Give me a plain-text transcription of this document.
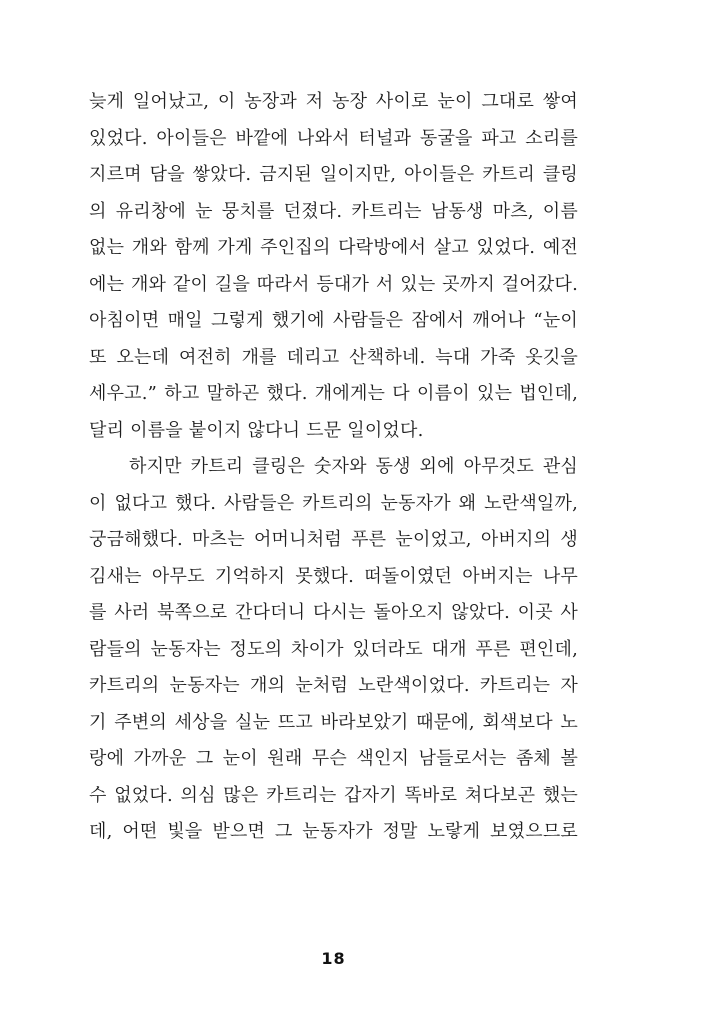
늦게 일어났고, 이 농장과 저 농장 사이로 눈이 그대로 쌓여
있었다. 아이들은 바깥에 나와서 터널과 동굴을 파고 소리를
지르며 담을 쌓았다. 금지된 일이지만, 아이들은 카트리 클링
의 유리창에 눈 뭉치를 던졌다. 카트리는 남동생 마츠, 이름
없는 개와 함께 가게 주인집의 다락방에서 살고 있었다. 예전
에는 개와 같이 길을 따라서 등대가 서 있는 곳까지 걸어갔다.
아침이면 매일 그렇게 했기에 사람들은 잠에서 깨어나 “눈이
또 오는데 여전히 개를 데리고 산책하네. 늑대 가죽 옷깃을
세우고.” 하고 말하곤 했다. 개에게는 다 이름이 있는 법인데,
달리 이름을 붙이지 않다니 드문 일이었다.
하지만 카트리 클링은 숫자와 동생 외에 아무것도 관심
이 없다고 했다. 사람들은 카트리의 눈동자가 왜 노란색일까,
궁금해했다. 마츠는 어머니처럼 푸른 눈이었고, 아버지의 생
김새는 아무도 기억하지 못했다. 떠돌이였던 아버지는 나무
를 사러 북쪽으로 간다더니 다시는 돌아오지 않았다. 이곳 사
람들의 눈동자는 정도의 차이가 있더라도 대개 푸른 편인데,
카트리의 눈동자는 개의 눈처럼 노란색이었다. 카트리는 자
기 주변의 세상을 실눈 뜨고 바라보았기 때문에, 회색보다 노
랑에 가까운 그 눈이 원래 무슨 색인지 남들로서는 좀체 볼
수 없었다. 의심 많은 카트리는 갑자기 똑바로 쳐다보곤 했는
데, 어떤 빛을 받으면 그 눈동자가 정말 노랗게 보였으므로
18
